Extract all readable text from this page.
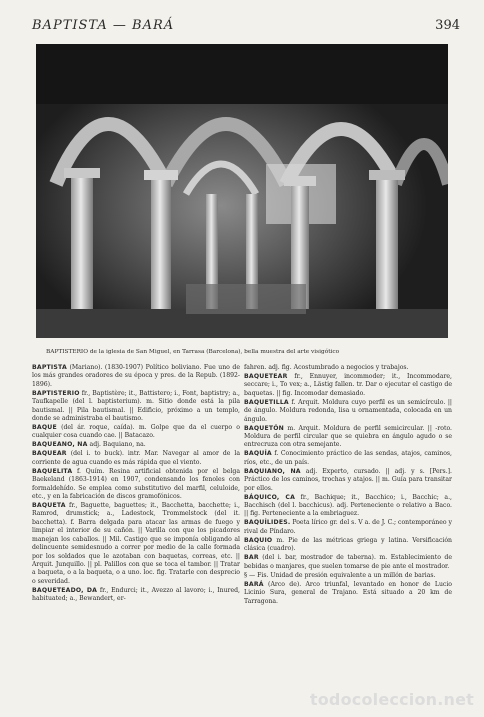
BAPTISTA — BARÁ	394
BAPTISTERIO de la iglesia de San Miguel, en Tarrasa (Barcelona), bella muestra del arte visigótico

BAPTISTA (Mariano). (1830-1907) Político boliviano. Fue uno de los más grandes oradores de su época y pres. de la Repub. (1892-1896).

BAPTISTERIO fr., Baptistère; it., Battistero; i., Font, baptistry; a., Taufkapelle (del l. baptisterium). m. Sitio donde está la pila bautismal. || Pila bautismal. || Edificio, próximo a un templo, donde se administraba el bautismo.

BAQUE (del ár. roque, caída). m. Golpe que da el cuerpo o cualquier cosa cuando cae. || Batacazo.

BAQUEANO, NA adj. Baquiano, na.

BAQUEAR (del i. to buck). intr. Mar. Navegar al amor de la corriente de agua cuando es más rápida que el viento.

BAQUELITA f. Quím. Resina artificial obtenida por el belga Baekeland (1863-1914) en 1907, condensando los fenoles con formaldehído. Se emplea como substitutivo del marfil, celuloide, etc., y en la fabricación de discos gramofónicos.

BAQUETA fr., Baguette, baguettes; it., Bacchetta, bacchette; i., Ramrod, drumstick; a., Ladestock, Trommelstock (del it. bacchetta). f. Barra delgada para atacar las armas de fuego y limpiar el interior de su cañón. || Varilla con que los picadores manejan los caballos. || Mil. Castigo que se imponía obligando al delincuente semidesnudo a correr por medio de la calle formada por los soldados que le azotaban con baquetas, correas, etc. || Arquit. Junquillo. || pl. Palillos con que se toca el tambor. || Tratar a baqueta, o a la baqueta, o a uno. loc. fig. Tratarle con desprecio o severidad.

BAQUETEADO, DA fr., Endurci; it., Avezzo al lavoro; i., Inured, habituated; a., Bewandert, er-

fahren. adj. fig. Acostumbrado a negocios y trabajos.

BAQUETEAR fr., Ennuyer, incommoder; it., Incommodare, seccare; i., To vex; a., Lästig fallen. tr. Dar o ejecutar el castigo de baquetas. || fig. Incomodar demasiado.

BAQUETILLA f. Arquit. Moldura cuyo perfil es un semicírculo. || de ángulo. Moldura redonda, lisa u ornamentada, colocada en un ángulo.

BAQUETÓN m. Arquit. Moldura de perfil semicircular. || -roto. Moldura de perfil circular que se quiebra en ángulo agudo o se entrecruza con otra semejante.

BAQUÍA f. Conocimiento práctico de las sendas, atajos, caminos, ríos, etc., de un país.

BAQUIANO, NA adj. Experto, cursado. || adj. y s. [Pers.]. Práctico de los caminos, trochas y atajos. || m. Guía para transitar por ellos.

BÁQUICO, CA fr., Bachique; it., Bacchico; i., Bacchic; a., Bacchisch (del l. bacchicus). adj. Perteneciente o relativo a Baco. || fig. Perteneciente a la embriaguez.

BAQUÍLIDES. Poeta lírico gr. del s. V a. de J. C.; contemporáneo y rival de Píndaro.

BAQUIO m. Pie de las métricas griega y latina. Versificación clásica (cuadro).

BAR (del i. bar, mostrador de taberna). m. Establecimiento de bebidas o manjares, que suelen tomarse de pie ante el mostrador.

§ — Fis. Unidad de presión equivalente a un millón de barias.

BARÁ (Arco de). Arco triunfal, levantado en honor de Lucio Licinio Sura, general de Trajano. Está situado a 20 km de Tarragona.

todocoleccion.net
